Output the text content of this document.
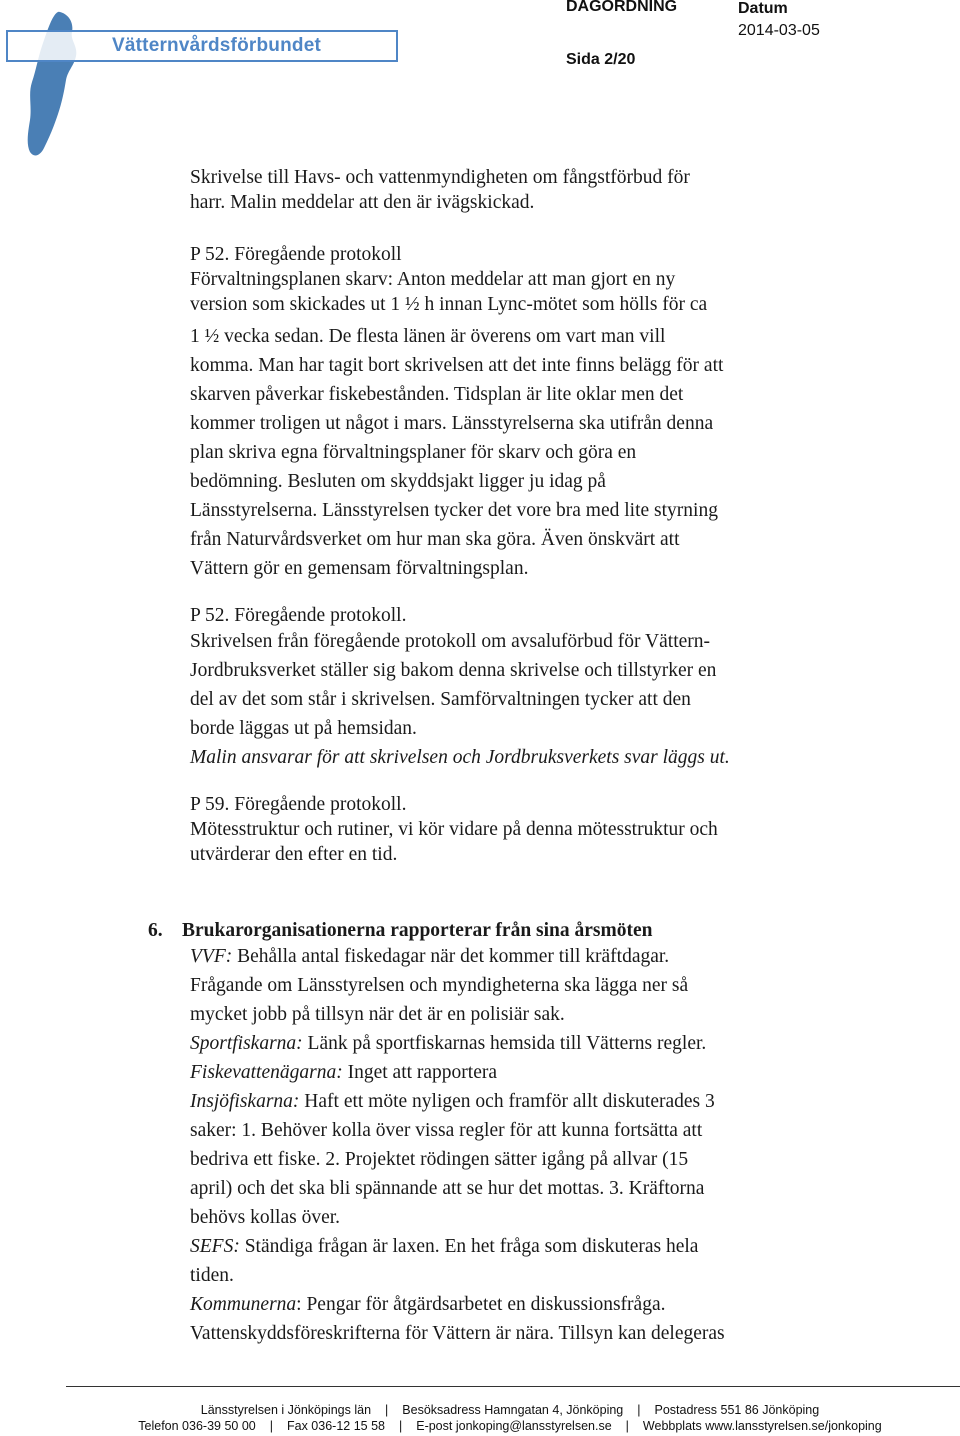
Vätternvårdsförbundet
DAGORDNING	Datum
2014-03-05
Sida 2/20

Skrivelse till Havs- och vattenmyndigheten om fångstförbud för

harr. Malin meddelar att den är ivägskickad.

P 52. Föregående protokoll

Förvaltningsplanen skarv: Anton meddelar att man gjort en ny

version som skickades ut 1 ½ h innan Lync-mötet som hölls för ca

1 ½ vecka sedan. De flesta länen är överens om vart man vill

komma. Man har tagit bort skrivelsen att det inte finns belägg för att

skarven påverkar fiskebestånden. Tidsplan är lite oklar men det

kommer troligen ut något i mars. Länsstyrelserna ska utifrån denna

plan skriva egna förvaltningsplaner för skarv och göra en

bedömning. Besluten om skyddsjakt ligger ju idag på

Länsstyrelserna. Länsstyrelsen tycker det vore bra med lite styrning

från Naturvårdsverket om hur man ska göra. Även önskvärt att

Vättern gör en gemensam förvaltningsplan.

P 52. Föregående protokoll.

Skrivelsen från föregående protokoll om avsaluförbud för Vättern-

Jordbruksverket ställer sig bakom denna skrivelse och tillstyrker en

del av det som står i skrivelsen. Samförvaltningen tycker att den

borde läggas ut på hemsidan.

Malin ansvarar för att skrivelsen och Jordbruksverkets svar läggs ut.

P 59. Föregående protokoll.

Mötesstruktur och rutiner, vi kör vidare på denna mötesstruktur och

utvärderar den efter en tid.

6. Brukarorganisationerna rapporterar från sina årsmöten

VVF: Behålla antal fiskedagar när det kommer till kräftdagar.

Frågande om Länsstyrelsen och myndigheterna ska lägga ner så

mycket jobb på tillsyn när det är en polisiär sak.

Sportfiskarna: Länk på sportfiskarnas hemsida till Vätterns regler.

Fiskevattenägarna: Inget att rapportera

Insjöfiskarna: Haft ett möte nyligen och framför allt diskuterades 3

saker: 1. Behöver kolla över vissa regler för att kunna fortsätta att

bedriva ett fiske. 2. Projektet rödingen sätter igång på allvar (15

april) och det ska bli spännande att se hur det mottas. 3. Kräftorna

behövs kollas över.

SEFS: Ständiga frågan är laxen. En het fråga som diskuteras hela

tiden.

Kommunerna: Pengar för åtgärdsarbetet en diskussionsfråga.

Vattenskyddsföreskrifterna för Vättern är nära. Tillsyn kan delegeras

Länsstyrelsen i Jönköpings län | Besöksadress Hamngatan 4, Jönköping | Postadress 551 86 Jönköping
Telefon 036-39 50 00 | Fax 036-12 15 58 | E-post jonkoping@lansstyrelsen.se | Webbplats www.lansstyrelsen.se/jonkoping
